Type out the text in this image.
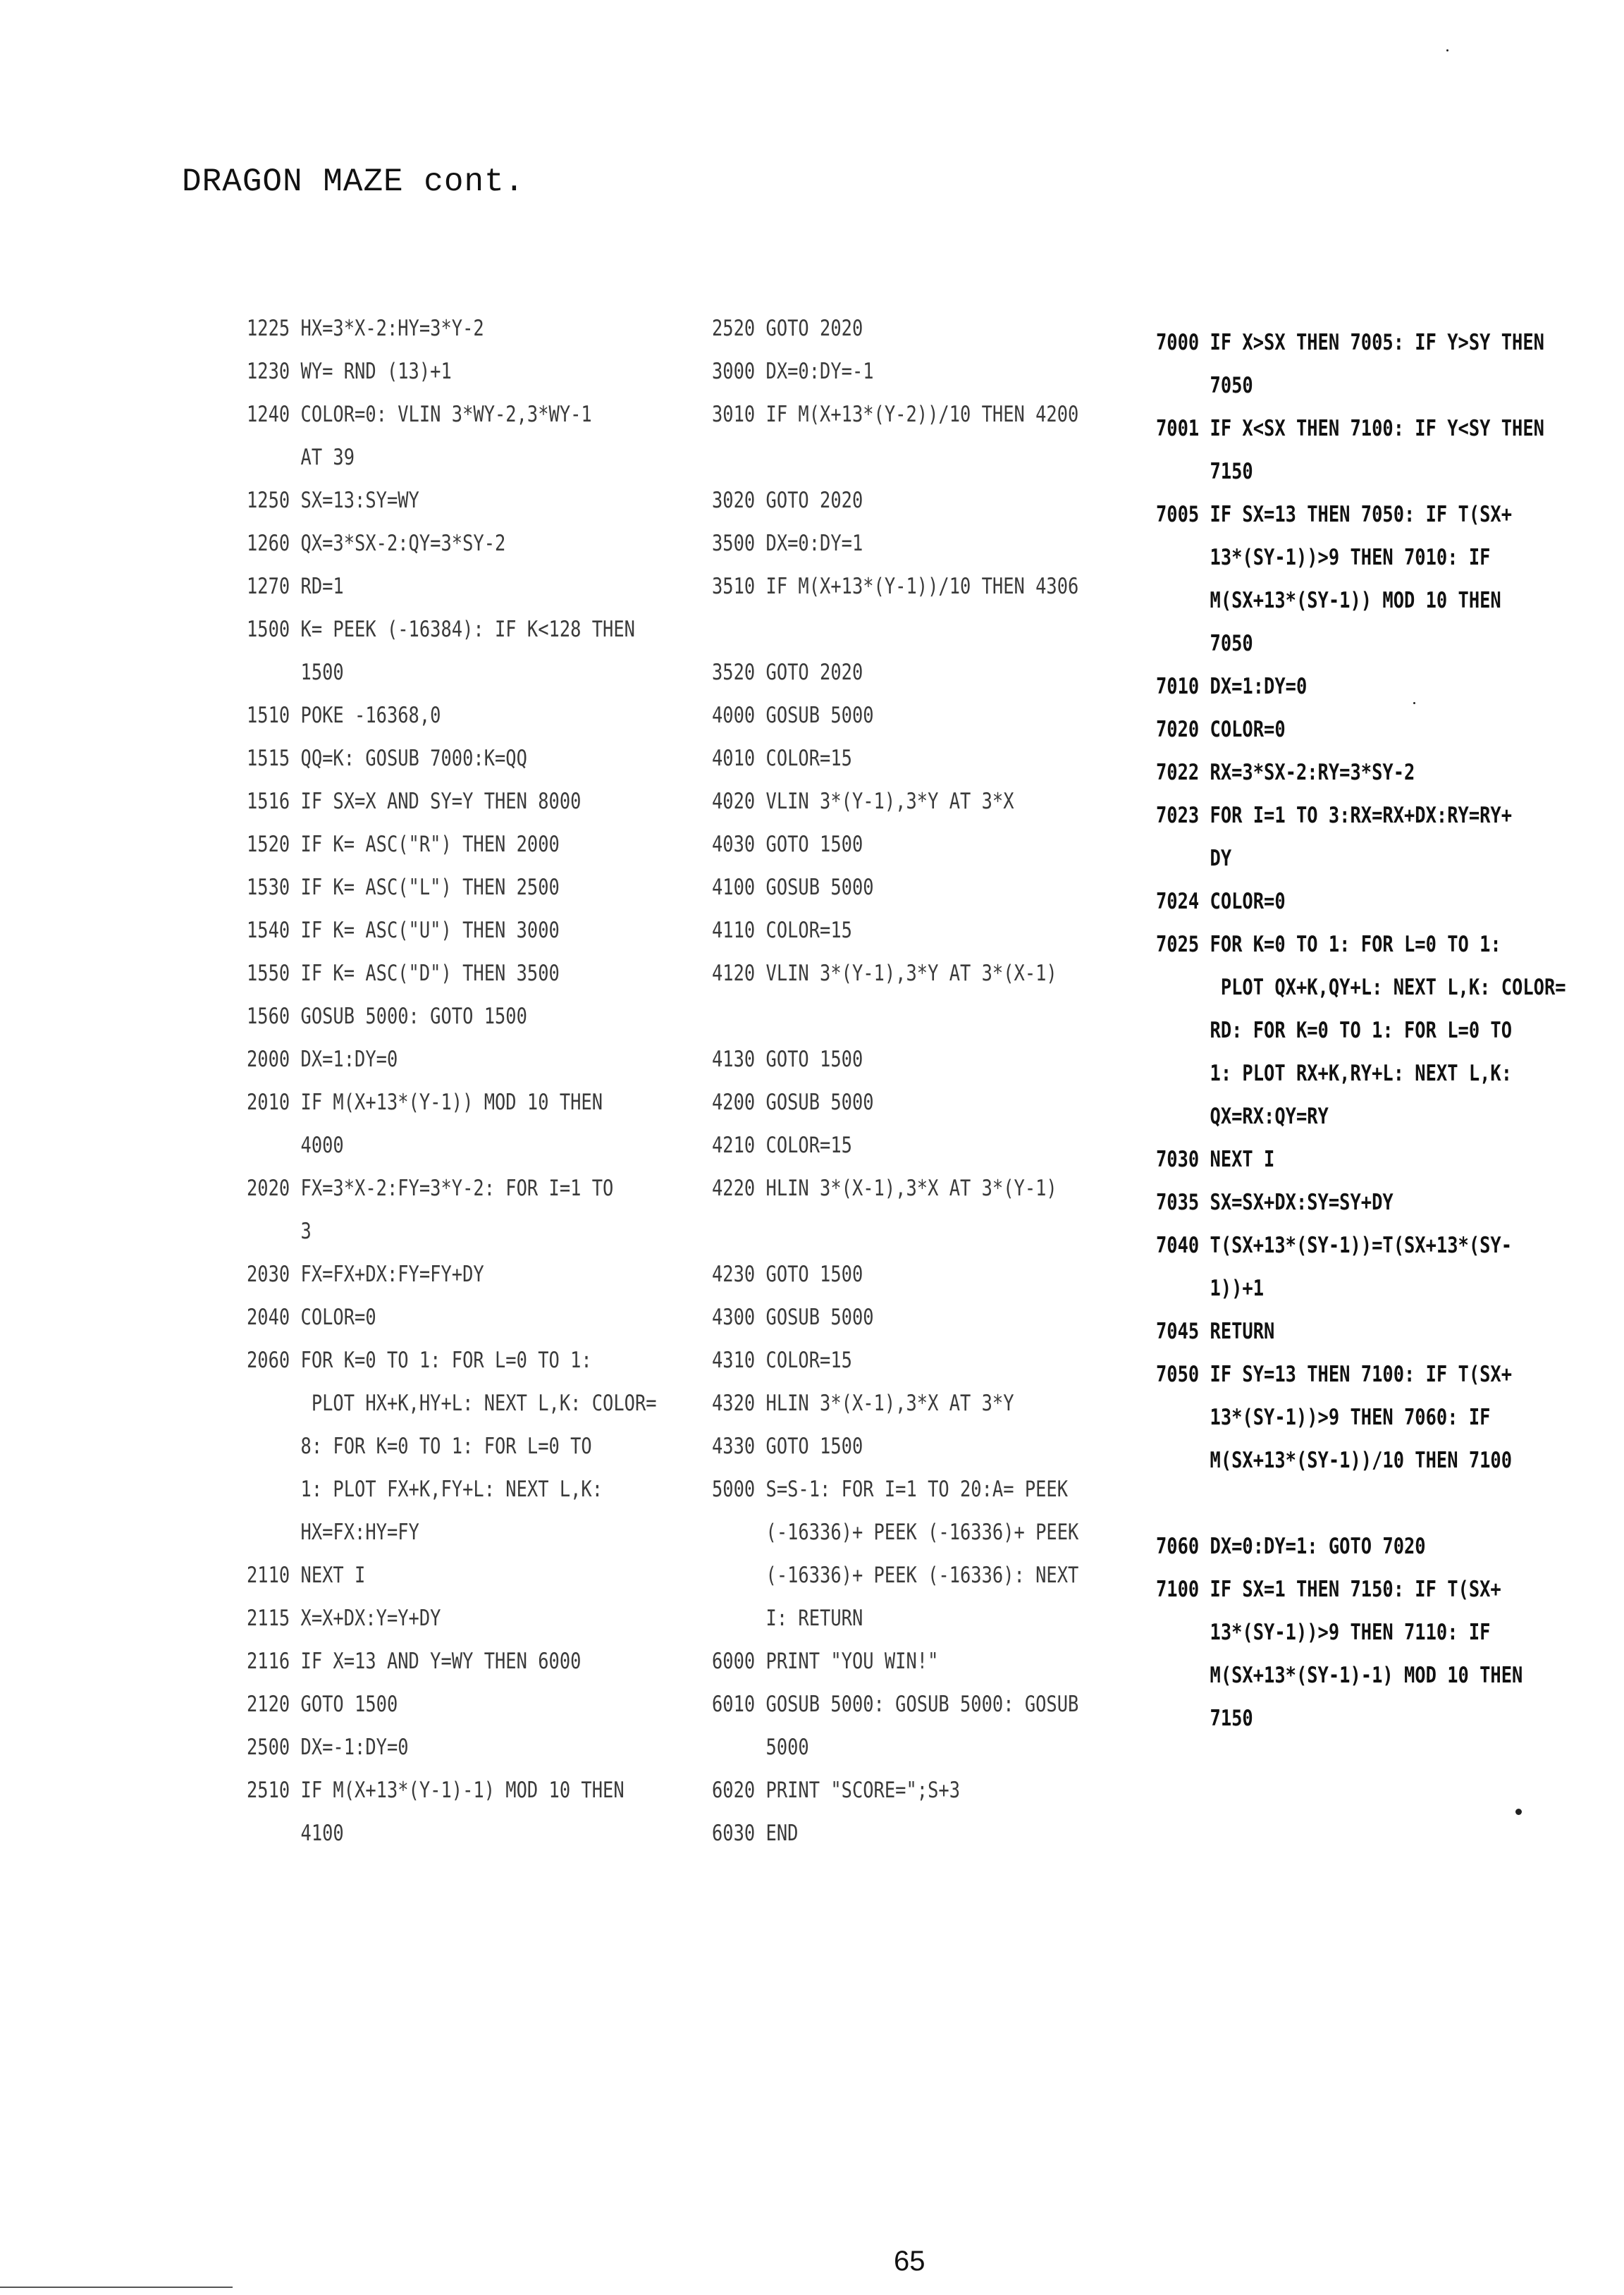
DRAGON MAZE cont.
1225 HX=3*X-2:HY=3*Y-2
1230 WY= RND (13)+1
1240 COLOR=0: VLIN 3*WY-2,3*WY-1
AT 39
1250 SX=13:SY=WY
1260 QX=3*SX-2:QY=3*SY-2
1270 RD=1
1500 K= PEEK (-16384): IF K<128 THEN
1500
1510 POKE -16368,0
1515 QQ=K: GOSUB 7000:K=QQ
1516 IF SX=X AND SY=Y THEN 8000
1520 IF K= ASC("R") THEN 2000
1530 IF K= ASC("L") THEN 2500
1540 IF K= ASC("U") THEN 3000
1550 IF K= ASC("D") THEN 3500
1560 GOSUB 5000: GOTO 1500
2000 DX=1:DY=0
2010 IF M(X+13*(Y-1)) MOD 10 THEN
4000
2020 FX=3*X-2:FY=3*Y-2: FOR I=1 TO
3
2030 FX=FX+DX:FY=FY+DY
2040 COLOR=0
2060 FOR K=0 TO 1: FOR L=0 TO 1:
PLOT HX+K,HY+L: NEXT L,K: COLOR=
8: FOR K=0 TO 1: FOR L=0 TO
1: PLOT FX+K,FY+L: NEXT L,K:
HX=FX:HY=FY
2110 NEXT I
2115 X=X+DX:Y=Y+DY
2116 IF X=13 AND Y=WY THEN 6000
2120 GOTO 1500
2500 DX=-1:DY=0
2510 IF M(X+13*(Y-1)-1) MOD 10 THEN
4100
2520 GOTO 2020
3000 DX=0:DY=-1
3010 IF M(X+13*(Y-2))/10 THEN 4200
3020 GOTO 2020
3500 DX=0:DY=1
3510 IF M(X+13*(Y-1))/10 THEN 4306
3520 GOTO 2020
4000 GOSUB 5000
4010 COLOR=15
4020 VLIN 3*(Y-1),3*Y AT 3*X
4030 GOTO 1500
4100 GOSUB 5000
4110 COLOR=15
4120 VLIN 3*(Y-1),3*Y AT 3*(X-1)
4130 GOTO 1500
4200 GOSUB 5000
4210 COLOR=15
4220 HLIN 3*(X-1),3*X AT 3*(Y-1)
4230 GOTO 1500
4300 GOSUB 5000
4310 COLOR=15
4320 HLIN 3*(X-1),3*X AT 3*Y
4330 GOTO 1500
5000 S=S-1: FOR I=1 TO 20:A= PEEK
(-16336)+ PEEK (-16336)+ PEEK
(-16336)+ PEEK (-16336): NEXT
I: RETURN
6000 PRINT "YOU WIN!"
6010 GOSUB 5000: GOSUB 5000: GOSUB
5000
6020 PRINT "SCORE=";S+3
6030 END
7000 IF X>SX THEN 7005: IF Y>SY THEN
7050
7001 IF X<SX THEN 7100: IF Y<SY THEN
7150
7005 IF SX=13 THEN 7050: IF T(SX+
13*(SY-1))>9 THEN 7010: IF
M(SX+13*(SY-1)) MOD 10 THEN
7050
7010 DX=1:DY=0
7020 COLOR=0
7022 RX=3*SX-2:RY=3*SY-2
7023 FOR I=1 TO 3:RX=RX+DX:RY=RY+
DY
7024 COLOR=0
7025 FOR K=0 TO 1: FOR L=0 TO 1:
PLOT QX+K,QY+L: NEXT L,K: COLOR=
RD: FOR K=0 TO 1: FOR L=0 TO
1: PLOT RX+K,RY+L: NEXT L,K:
QX=RX:QY=RY
7030 NEXT I
7035 SX=SX+DX:SY=SY+DY
7040 T(SX+13*(SY-1))=T(SX+13*(SY-
1))+1
7045 RETURN
7050 IF SY=13 THEN 7100: IF T(SX+
13*(SY-1))>9 THEN 7060: IF
M(SX+13*(SY-1))/10 THEN 7100
7060 DX=0:DY=1: GOTO 7020
7100 IF SX=1 THEN 7150: IF T(SX+
13*(SY-1))>9 THEN 7110: IF
M(SX+13*(SY-1)-1) MOD 10 THEN
7150
65
